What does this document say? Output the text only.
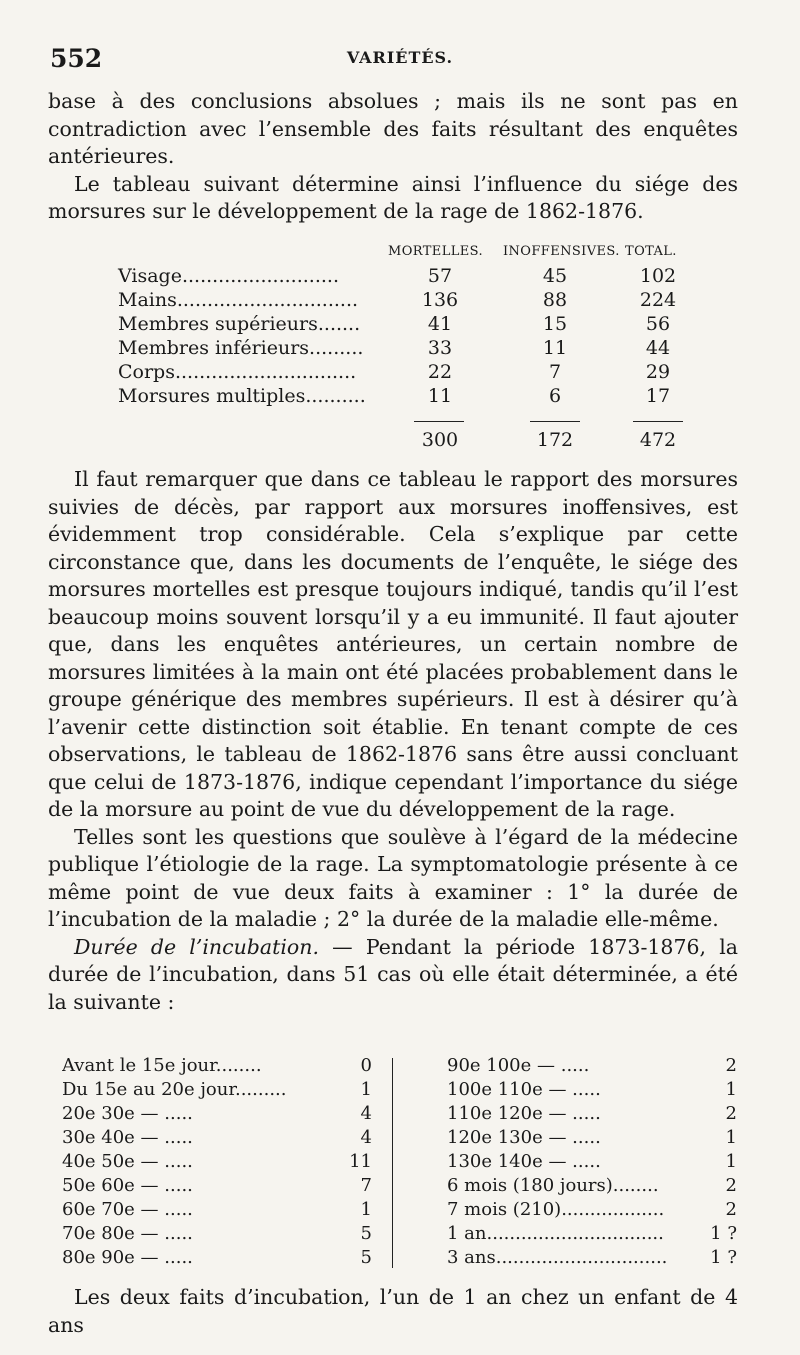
552	VARIÉTÉS.

base à des conclusions absolues ; mais ils ne sont pas en contradiction avec l’ensemble des faits résultant des enquêtes antérieures.

Le tableau suivant détermine ainsi l’influence du siége des morsures sur le développement de la rage de 1862-1876.

MORTELLES. INOFFENSIVES. TOTAL.
Visage..........................	57	45	102
Mains..............................	136	88	224
Membres supérieurs.......	41	15	56
Membres inférieurs.........	33	11	44
Corps..............................	22	7	29
Morsures multiples..........	11	6	17
300	172	472

Il faut remarquer que dans ce tableau le rapport des morsures suivies de décès, par rapport aux morsures inoffensives, est évidemment trop considérable. Cela s’explique par cette circonstance que, dans les documents de l’enquête, le siége des morsures mortelles est presque toujours indiqué, tandis qu’il l’est beaucoup moins souvent lorsqu’il y a eu immunité. Il faut ajouter que, dans les enquêtes antérieures, un certain nombre de morsures limitées à la main ont été placées probablement dans le groupe générique des membres supérieurs. Il est à désirer qu’à l’avenir cette distinction soit établie. En tenant compte de ces observations, le tableau de 1862-1876 sans être aussi concluant que celui de 1873-1876, indique cependant l’importance du siége de la morsure au point de vue du développement de la rage.

Telles sont les questions que soulève à l’égard de la médecine publique l’étiologie de la rage. La symptomatologie présente à ce même point de vue deux faits à examiner : 1° la durée de l’incubation de la maladie ; 2° la durée de la maladie elle-même.

Durée de l’incubation. — Pendant la période 1873-1876, la durée de l’incubation, dans 51 cas où elle était déterminée, a été la suivante :

Avant le 15e jour........	0
Du 15e au 20e jour.........	1
20e 30e — .....	4
30e 40e — .....	4
40e 50e — .....	11
50e 60e — .....	7
60e 70e — .....	1
70e 80e — .....	5
80e 90e — .....	5
90e 100e — .....	2
100e 110e — .....	1
110e 120e — .....	2
120e 130e — .....	1
130e 140e — .....	1
6 mois (180 jours)........	2
7 mois (210)..................	2
1 an...............................	1 ?
3 ans..............................	1 ?

Les deux faits d’incubation, l’un de 1 an chez un enfant de 4 ans
